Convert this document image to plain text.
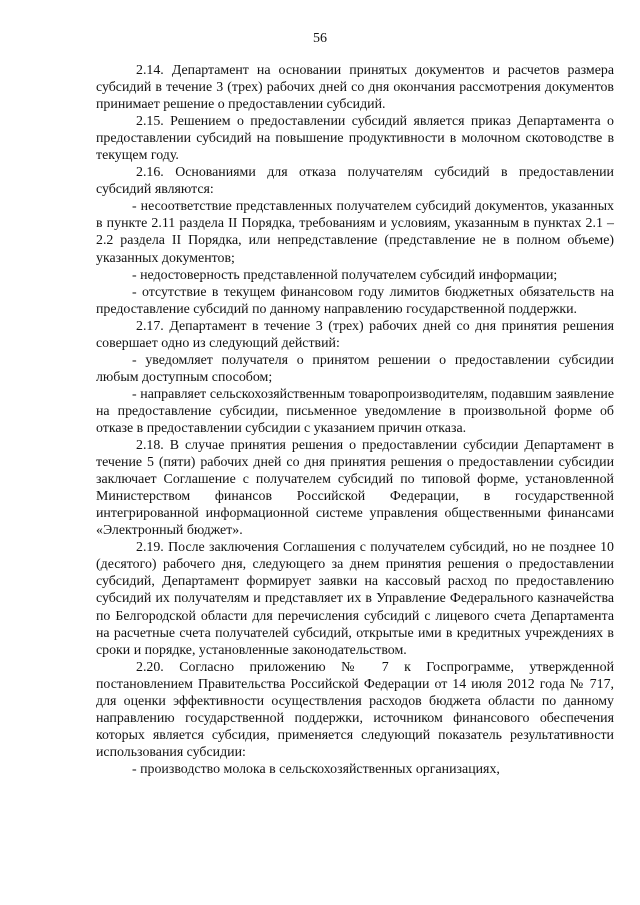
56

2.14. Департамент на основании принятых документов и расчетов размера субсидий в течение 3 (трех) рабочих дней со дня окончания рассмотрения документов принимает решение о предоставлении субсидий.

2.15. Решением о предоставлении субсидий является приказ Департамента о предоставлении субсидий на повышение продуктивности в молочном скотоводстве в текущем году.

2.16. Основаниями для отказа получателям субсидий в предоставлении субсидий являются:

- несоответствие представленных получателем субсидий документов, указанных в пункте 2.11 раздела II Порядка, требованиям и условиям, указанным в пунктах 2.1 – 2.2 раздела II Порядка, или непредставление (представление не в полном объеме) указанных документов;

- недостоверность представленной получателем субсидий информации;

- отсутствие в текущем финансовом году лимитов бюджетных обязательств на предоставление субсидий по данному направлению государственной поддержки.

2.17. Департамент в течение 3 (трех) рабочих дней со дня принятия решения совершает одно из следующий действий:

- уведомляет получателя о принятом решении о предоставлении субсидии любым доступным способом;

- направляет сельскохозяйственным товаропроизводителям, подавшим заявление на предоставление субсидии, письменное уведомление в произвольной форме об отказе в предоставлении субсидии с указанием причин отказа.

2.18. В случае принятия решения о предоставлении субсидии Департамент в течение 5 (пяти) рабочих дней со дня принятия решения о предоставлении субсидии заключает Соглашение с получателем субсидий по типовой форме, установленной Министерством финансов Российской Федерации, в государственной интегрированной информационной системе управления общественными финансами «Электронный бюджет».

2.19. После заключения Соглашения с получателем субсидий, но не позднее 10 (десятого) рабочего дня, следующего за днем принятия решения о предоставлении субсидий, Департамент формирует заявки на кассовый расход по предоставлению субсидий их получателям и представляет их в Управление Федерального казначейства по Белгородской области для перечисления субсидий с лицевого счета Департамента на расчетные счета получателей субсидий, открытые ими в кредитных учреждениях в сроки и порядке, установленные законодательством.

2.20. Согласно приложению № 7 к Госпрограмме, утвержденной постановлением Правительства Российской Федерации от 14 июля 2012 года № 717, для оценки эффективности осуществления расходов бюджета области по данному направлению государственной поддержки, источником финансового обеспечения которых является субсидия, применяется следующий показатель результативности использования субсидии:

- производство молока в сельскохозяйственных организациях,
